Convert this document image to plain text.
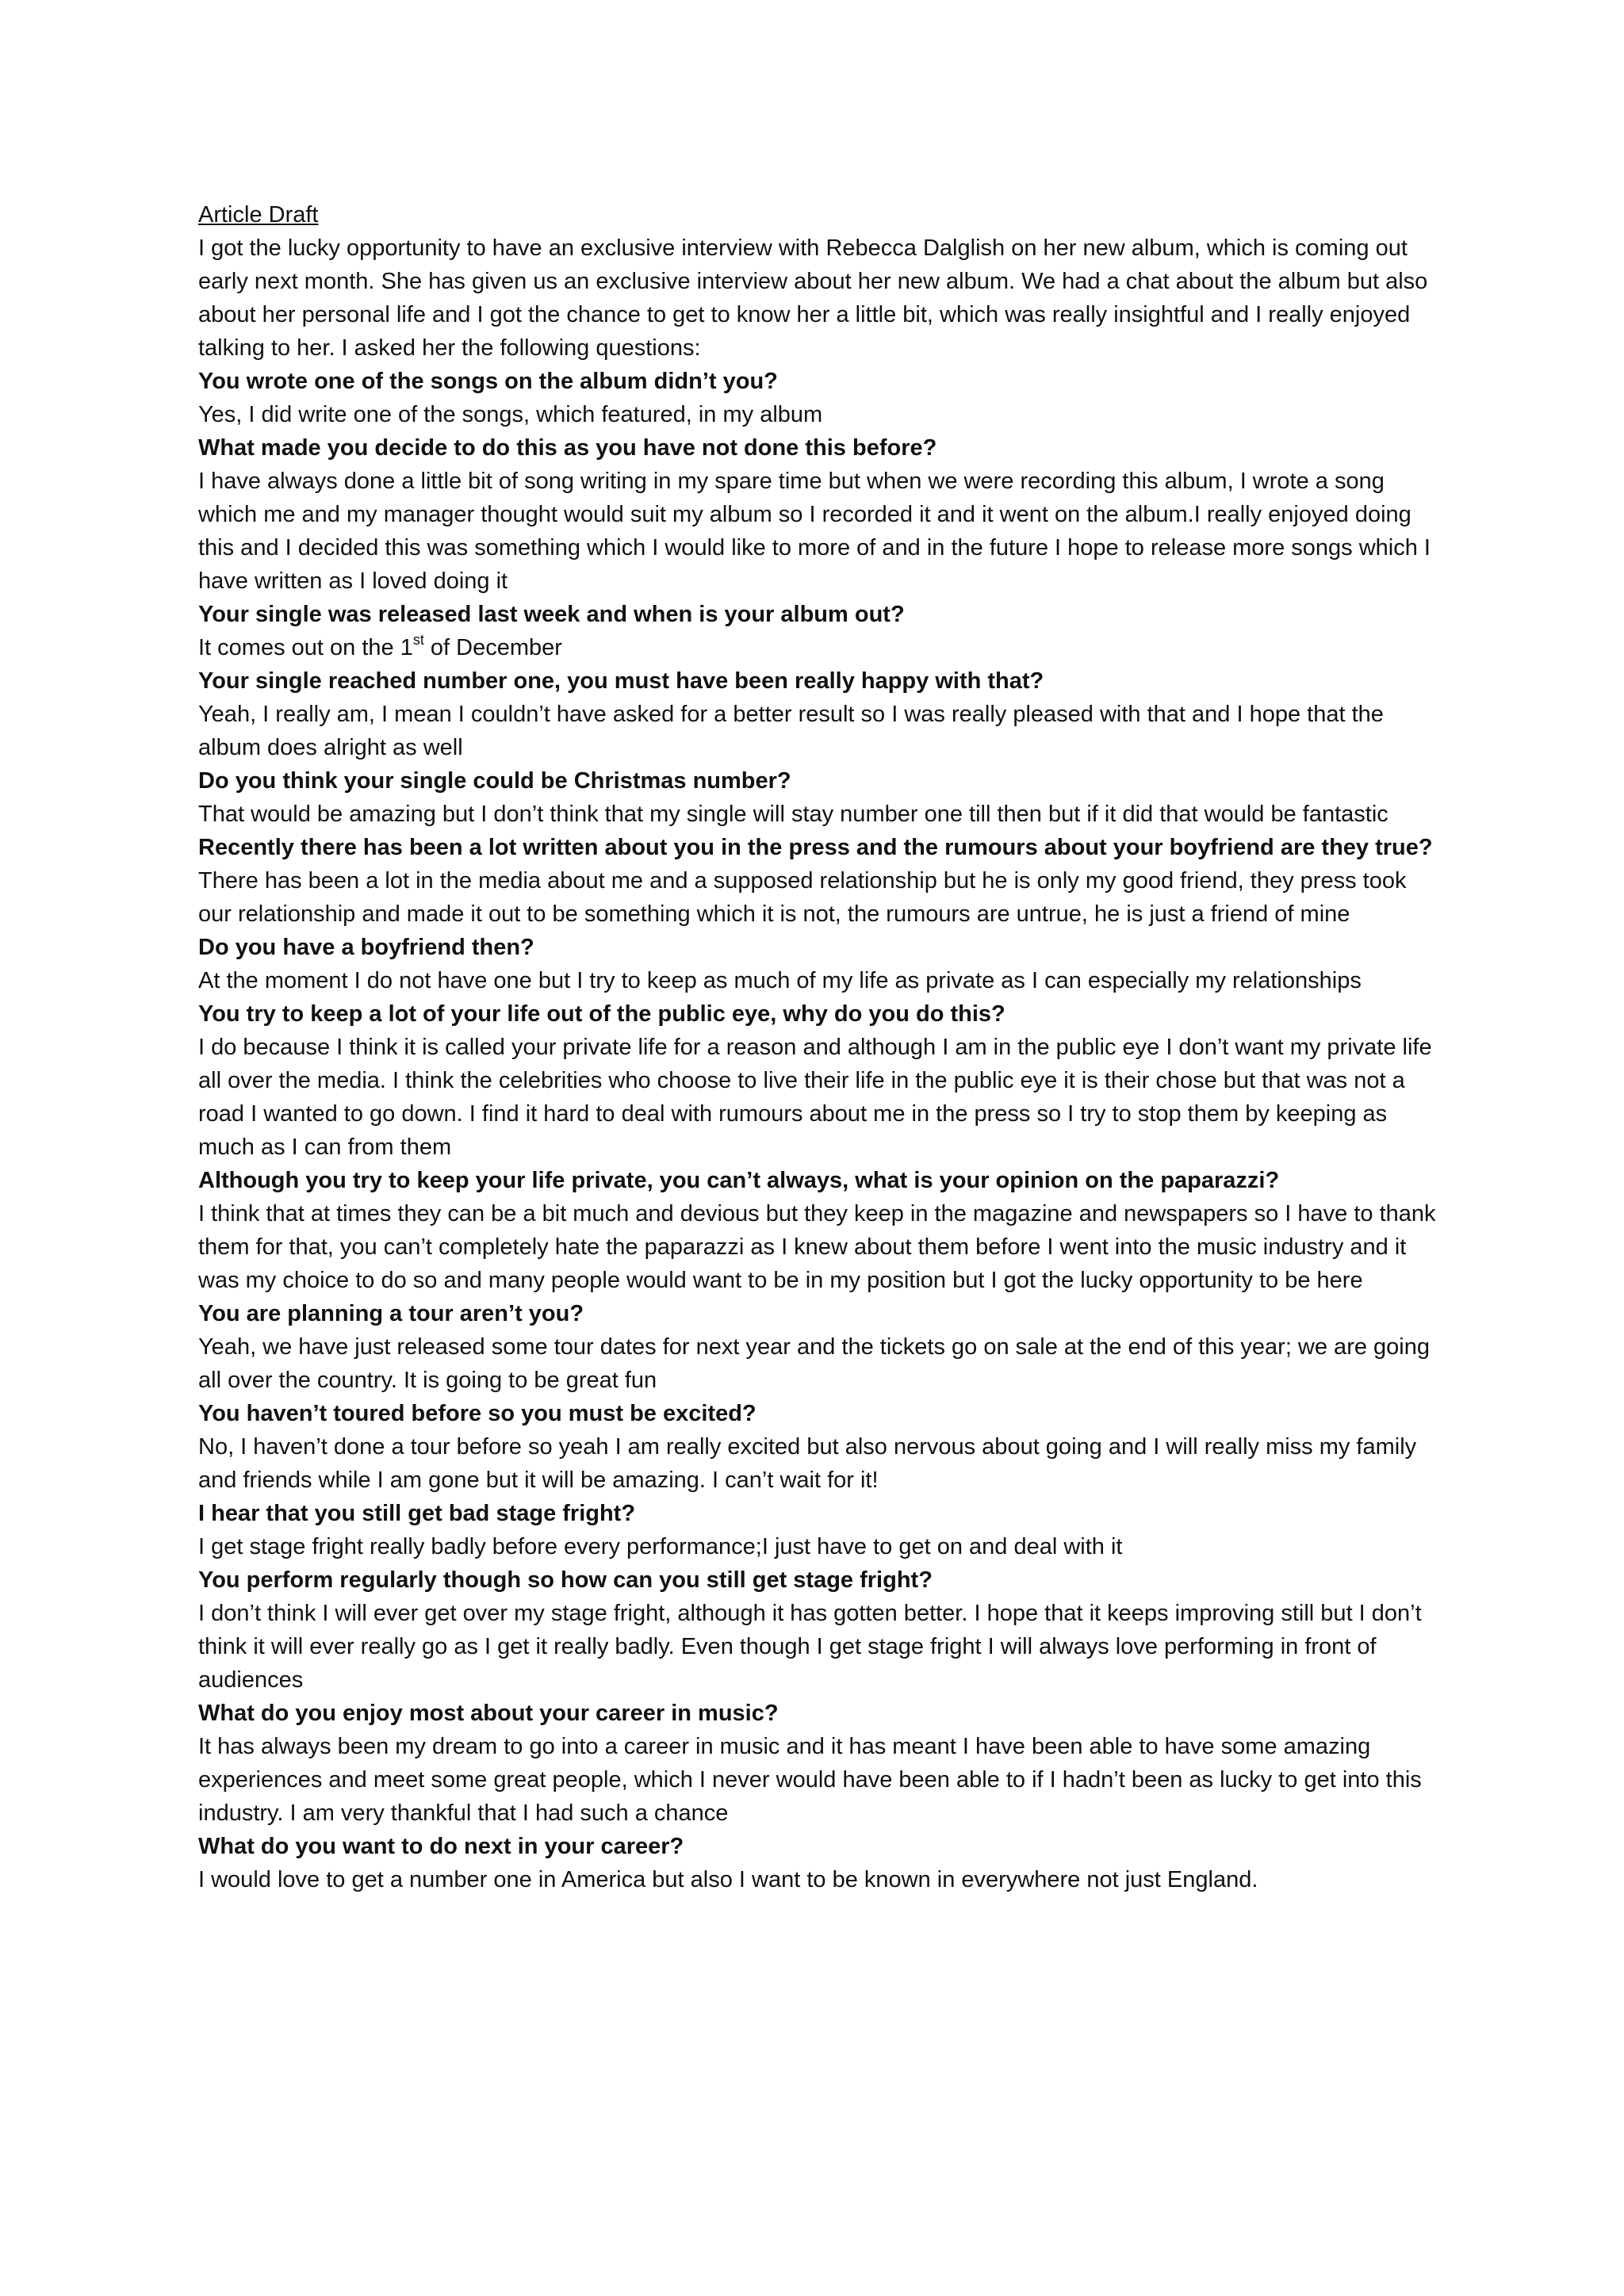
Article Draft

I got the lucky opportunity to have an exclusive interview with Rebecca Dalglish on her new album, which is coming out early next month. She has given us an exclusive interview about her new album. We had a chat about the album but also about her personal life and I got the chance to get to know her a little bit, which was really insightful and I really enjoyed talking to her. I asked her the following questions:

You wrote one of the songs on the album didn’t you?

Yes, I did write one of the songs, which featured, in my album

What made you decide to do this as you have not done this before?

I have always done a little bit of song writing in my spare time but when we were recording this album, I wrote a song which me and my manager thought would suit my album so I recorded it and it went on the album.I really enjoyed doing this and I decided this was something which I would like to more of and in the future I hope to release more songs which I have written as I loved doing it

Your single was released last week and when is your album out?

It comes out on the 1st of December

Your single reached number one, you must have been really happy with that?

Yeah, I really am, I mean I couldn’t have asked for a better result so I was really pleased with that and I hope that the album does alright as well

Do you think your single could be Christmas number?

That would be amazing but I don’t think that my single will stay number one till then but if it did that would be fantastic

Recently there has been a lot written about you in the press and the rumours about your boyfriend are they true?

There has been a lot in the media about me and a supposed relationship but he is only my good friend, they press took our relationship and made it out to be something which it is not, the rumours are untrue, he is just a friend of mine

Do you have a boyfriend then?

At the moment I do not have one but I try to keep as much of my life as private as I can especially my relationships

You try to keep a lot of your life out of the public eye, why do you do this?

I do because I think it is called your private life for a reason and although I am in the public eye I don’t want my private life all over the media. I think the celebrities who choose to live their life in the public eye it is their chose but that was not a road I wanted to go down. I find it hard to deal with rumours about me in the press so I try to stop them by keeping as much as I can from them

Although you try to keep your life private, you can’t always, what is your opinion on the paparazzi?

I think that at times they can be a bit much and devious but they keep in the magazine and newspapers so I have to thank them for that, you can’t completely hate the paparazzi as I knew about them before I went into the music industry and it was my choice to do so and many people would want to be in my position but I got the lucky opportunity to be here

You are planning a tour aren’t you?

Yeah, we have just released some tour dates for next year and the tickets go on sale at the end of this year; we are going all over the country. It is going to be great fun

You haven’t toured before so you must be excited?

No, I haven’t done a tour before so yeah I am really excited but also nervous about going and I will really miss my family and friends while I am gone but it will be amazing. I can’t wait for it!

I hear that you still get bad stage fright?

I get stage fright really badly before every performance;I just have to get on and deal with it

You perform regularly though so how can you still get stage fright?

I don’t think I will ever get over my stage fright, although it has gotten better. I hope that it keeps improving still but I don’t think it will ever really go as I get it really badly. Even though I get stage fright I will always love performing in front of audiences

What do you enjoy most about your career in music?

It has always been my dream to go into a career in music and it has meant I have been able to have some amazing experiences and meet some great people, which I never would have been able to if I hadn’t been as lucky to get into this industry. I am very thankful that I had such a chance

What do you want to do next in your career?

I would love to get a number one in America but also I want to be known in everywhere not just England.
